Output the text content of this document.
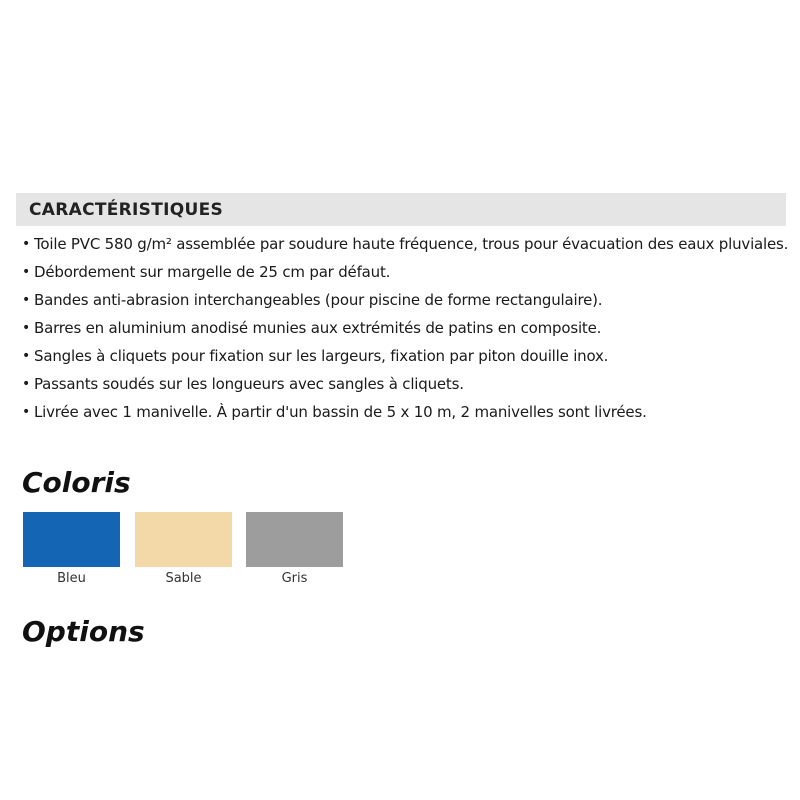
CARACTÉRISTIQUES
• Toile PVC 580 g/m² assemblée par soudure haute fréquence, trous pour évacuation des eaux pluviales.
• Débordement sur margelle de 25 cm par défaut.
• Bandes anti-abrasion interchangeables (pour piscine de forme rectangulaire).
• Barres en aluminium anodisé munies aux extrémités de patins en composite.
• Sangles à cliquets pour fixation sur les largeurs, fixation par piton douille inox.
• Passants soudés sur les longueurs avec sangles à cliquets.
• Livrée avec 1 manivelle. À partir d'un bassin de 5 x 10 m, 2 manivelles sont livrées.
Coloris
Bleu	Sable	Gris
Options
